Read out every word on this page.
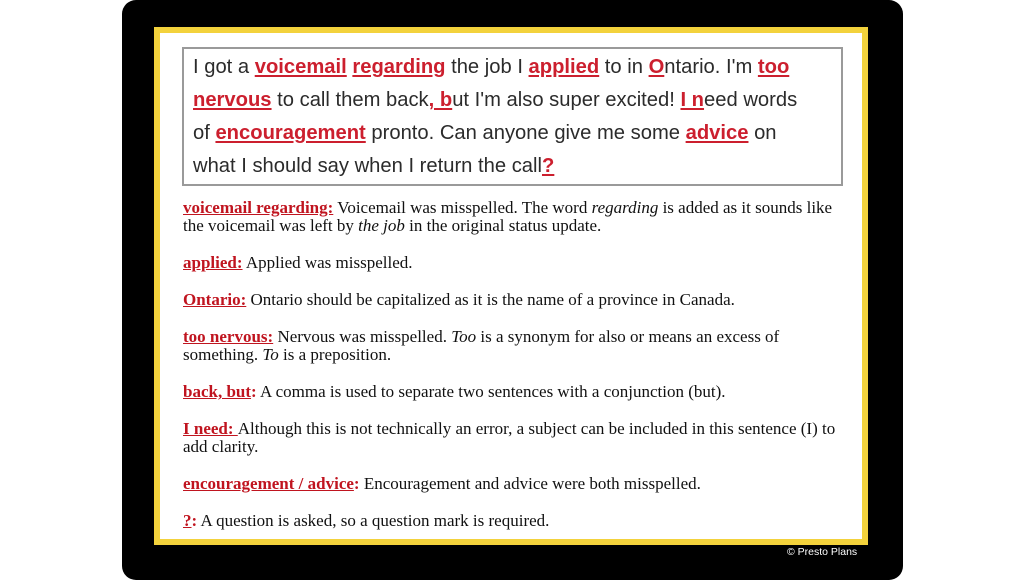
I got a voicemail regarding the job I applied to in Ontario. I'm too
nervous to call them back, but I'm also super excited! I need words
of encouragement pronto. Can anyone give me some advice on
what I should say when I return the call?

voicemail regarding: Voicemail was misspelled. The word regarding is added as it sounds like the voicemail was left by the job in the original status update.

applied: Applied was misspelled.

Ontario: Ontario should be capitalized as it is the name of a province in Canada.

too nervous: Nervous was misspelled. Too is a synonym for also or means an excess of something. To is a preposition.

back, but: A comma is used to separate two sentences with a conjunction (but).

I need: Although this is not technically an error, a subject can be included in this sentence (I) to add clarity.

encouragement / advice: Encouragement and advice were both misspelled.

?: A question is asked, so a question mark is required.

© Presto Plans
